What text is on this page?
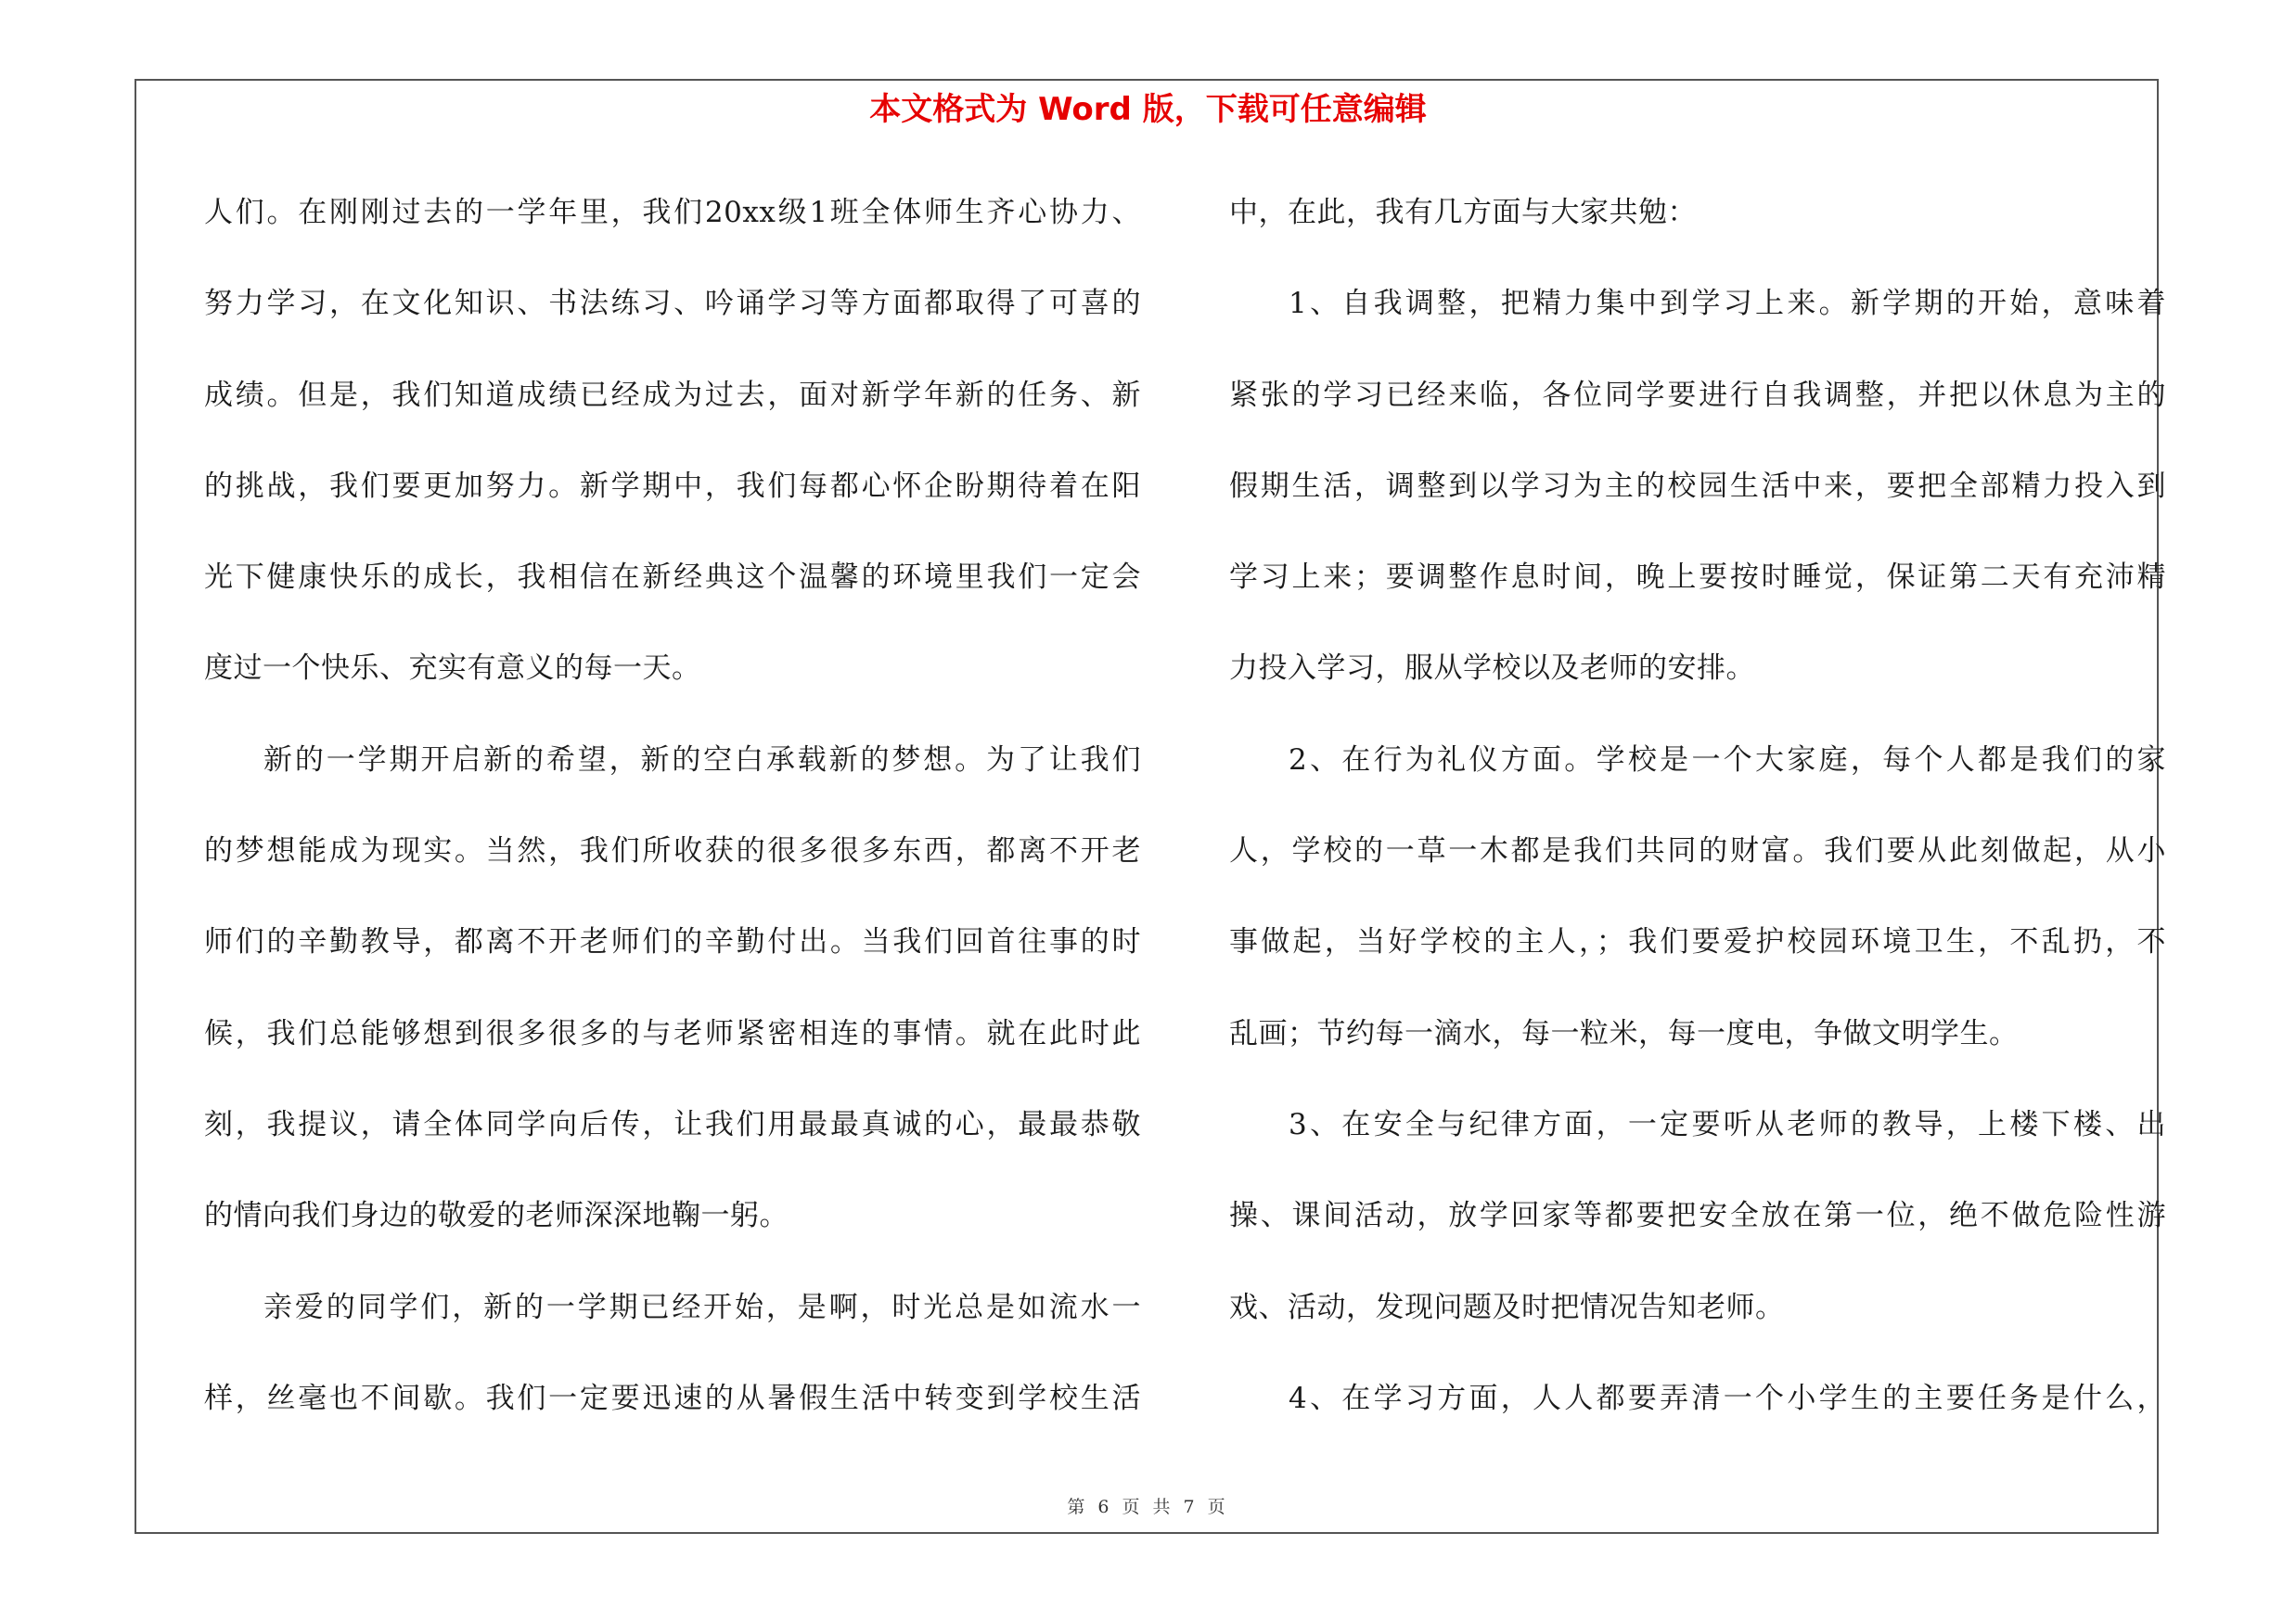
本文格式为 Word 版，下载可任意编辑
人们。在刚刚过去的一学年里，我们20xx级1班全体师生齐心协力、
努力学习，在文化知识、书法练习、吟诵学习等方面都取得了可喜的
成绩。但是，我们知道成绩已经成为过去，面对新学年新的任务、新
的挑战，我们要更加努力。新学期中，我们每都心怀企盼期待着在阳
光下健康快乐的成长，我相信在新经典这个温馨的环境里我们一定会
度过一个快乐、充实有意义的每一天。
新的一学期开启新的希望，新的空白承载新的梦想。为了让我们
的梦想能成为现实。当然，我们所收获的很多很多东西，都离不开老
师们的辛勤教导，都离不开老师们的辛勤付出。当我们回首往事的时
候，我们总能够想到很多很多的与老师紧密相连的事情。就在此时此
刻，我提议，请全体同学向后传，让我们用最最真诚的心，最最恭敬
的情向我们身边的敬爱的老师深深地鞠一躬。
亲爱的同学们，新的一学期已经开始，是啊，时光总是如流水一
样，丝毫也不间歇。我们一定要迅速的从暑假生活中转变到学校生活
中，在此，我有几方面与大家共勉：
1、自我调整，把精力集中到学习上来。新学期的开始，意味着
紧张的学习已经来临，各位同学要进行自我调整，并把以休息为主的
假期生活，调整到以学习为主的校园生活中来，要把全部精力投入到
学习上来；要调整作息时间，晚上要按时睡觉，保证第二天有充沛精
力投入学习，服从学校以及老师的安排。
2、在行为礼仪方面。学校是一个大家庭，每个人都是我们的家
人，学校的一草一木都是我们共同的财富。我们要从此刻做起，从小
事做起，当好学校的主人，；我们要爱护校园环境卫生，不乱扔，不
乱画；节约每一滴水，每一粒米，每一度电，争做文明学生。
3、在安全与纪律方面，一定要听从老师的教导，上楼下楼、出
操、课间活动，放学回家等都要把安全放在第一位，绝不做危险性游
戏、活动，发现问题及时把情况告知老师。
4、在学习方面，人人都要弄清一个小学生的主要任务是什么，
第 6 页 共 7 页
